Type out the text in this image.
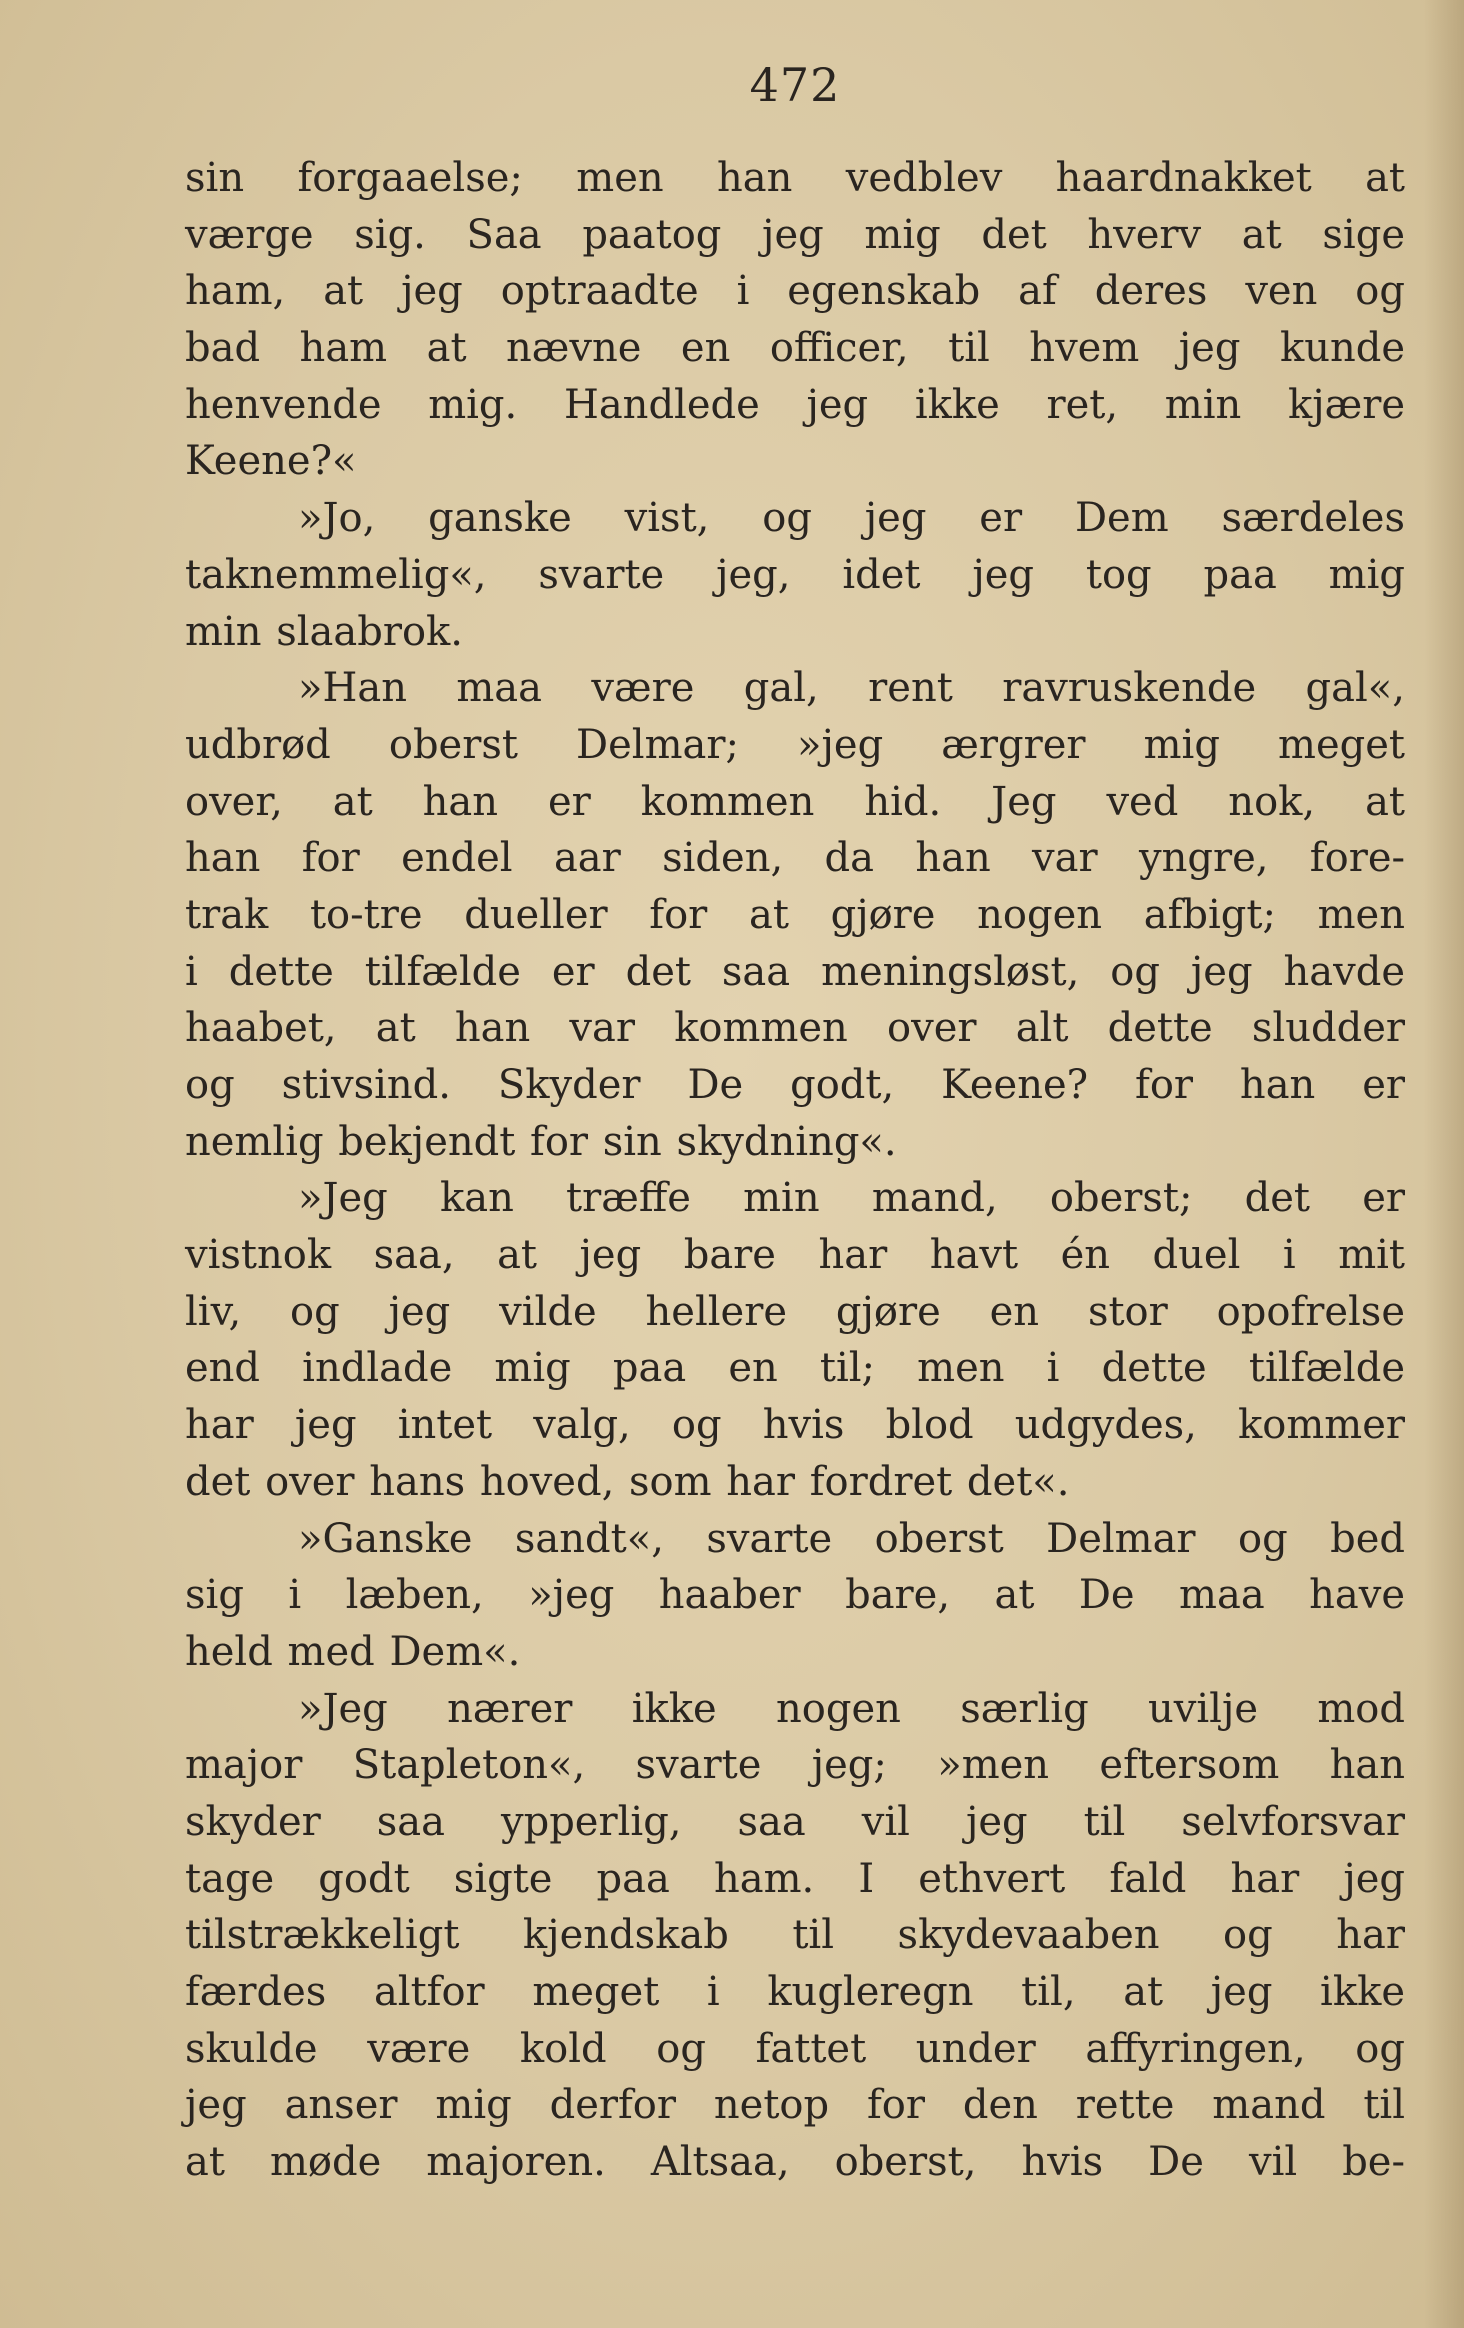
472
sin forgaaelse; men han vedblev haardnakket at
værge sig. Saa paatog jeg mig det hverv at sige
ham, at jeg optraadte i egenskab af deres ven og
bad ham at nævne en officer, til hvem jeg kunde
henvende mig. Handlede jeg ikke ret, min kjære
Keene?«
»Jo, ganske vist, og jeg er Dem særdeles
taknemmelig«, svarte jeg, idet jeg tog paa mig
min slaabrok.
»Han maa være gal, rent ravruskende gal«,
udbrød oberst Delmar; »jeg ærgrer mig meget
over, at han er kommen hid. Jeg ved nok, at
han for endel aar siden, da han var yngre, fore-
trak to-tre dueller for at gjøre nogen afbigt; men
i dette tilfælde er det saa meningsløst, og jeg havde
haabet, at han var kommen over alt dette sludder
og stivsind. Skyder De godt, Keene? for han er
nemlig bekjendt for sin skydning«.
»Jeg kan træffe min mand, oberst; det er
vistnok saa, at jeg bare har havt én duel i mit
liv, og jeg vilde hellere gjøre en stor opofrelse
end indlade mig paa en til; men i dette tilfælde
har jeg intet valg, og hvis blod udgydes, kommer
det over hans hoved, som har fordret det«.
»Ganske sandt«, svarte oberst Delmar og bed
sig i læben, »jeg haaber bare, at De maa have
held med Dem«.
»Jeg nærer ikke nogen særlig uvilje mod
major Stapleton«, svarte jeg; »men eftersom han
skyder saa ypperlig, saa vil jeg til selvforsvar
tage godt sigte paa ham. I ethvert fald har jeg
tilstrækkeligt kjendskab til skydevaaben og har
færdes altfor meget i kugleregn til, at jeg ikke
skulde være kold og fattet under affyringen, og
jeg anser mig derfor netop for den rette mand til
at møde majoren. Altsaa, oberst, hvis De vil be-
